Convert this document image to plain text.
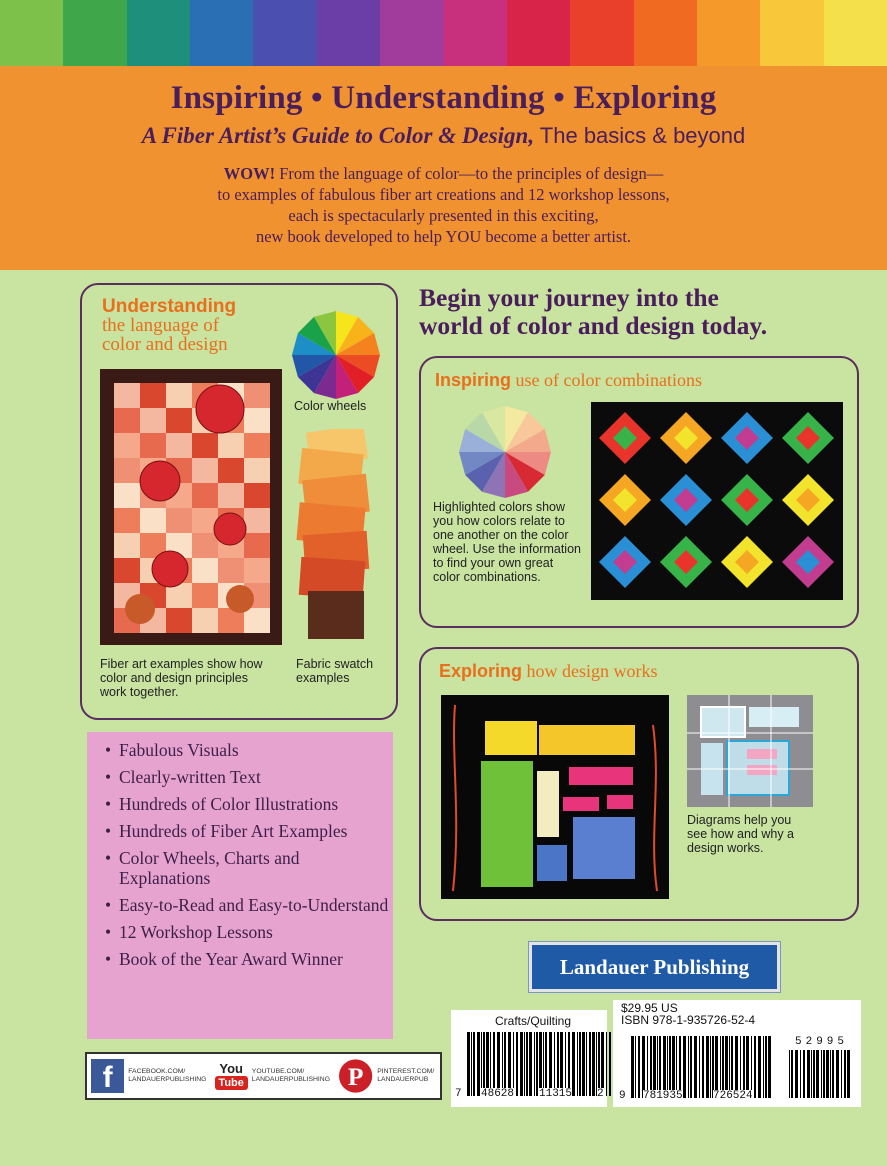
Inspiring • Understanding • Exploring
A Fiber Artist’s Guide to Color & Design, The basics & beyond
WOW! From the language of color—to the principles of design—
to examples of fabulous fiber art creations and 12 workshop lessons,
each is spectacularly presented in this exciting,
new book developed to help YOU become a better artist.
Understanding
the language of
color and design
Color wheels
Fiber art examples show how color and design principles work together.
Fabric swatch examples
Begin your journey into the
world of color and design today.
Inspiring use of color combinations
Highlighted colors show you how colors relate to one another on the color wheel. Use the information to find your own great color combinations.
Exploring how design works
Diagrams help you see how and why a design works.
• Fabulous Visuals
• Clearly-written Text
• Hundreds of Color Illustrations
• Hundreds of Fiber Art Examples
• Color Wheels, Charts and Explanations
• Easy-to-Read and Easy-to-Understand
• 12 Workshop Lessons
• Book of the Year Award Winner
f	FACEBOOK.COM/ LANDAUERPUBLISHING
You
Tube
YOUTUBE.COM/ LANDAUERPUBLISHING P PINTEREST.COM/ LANDAUERPUB
Landauer Publishing
Crafts/Quilting
7 48628 11315 2
$29.95 US
ISBN 978-1-935726-52-4
52995
9 781935	726524
